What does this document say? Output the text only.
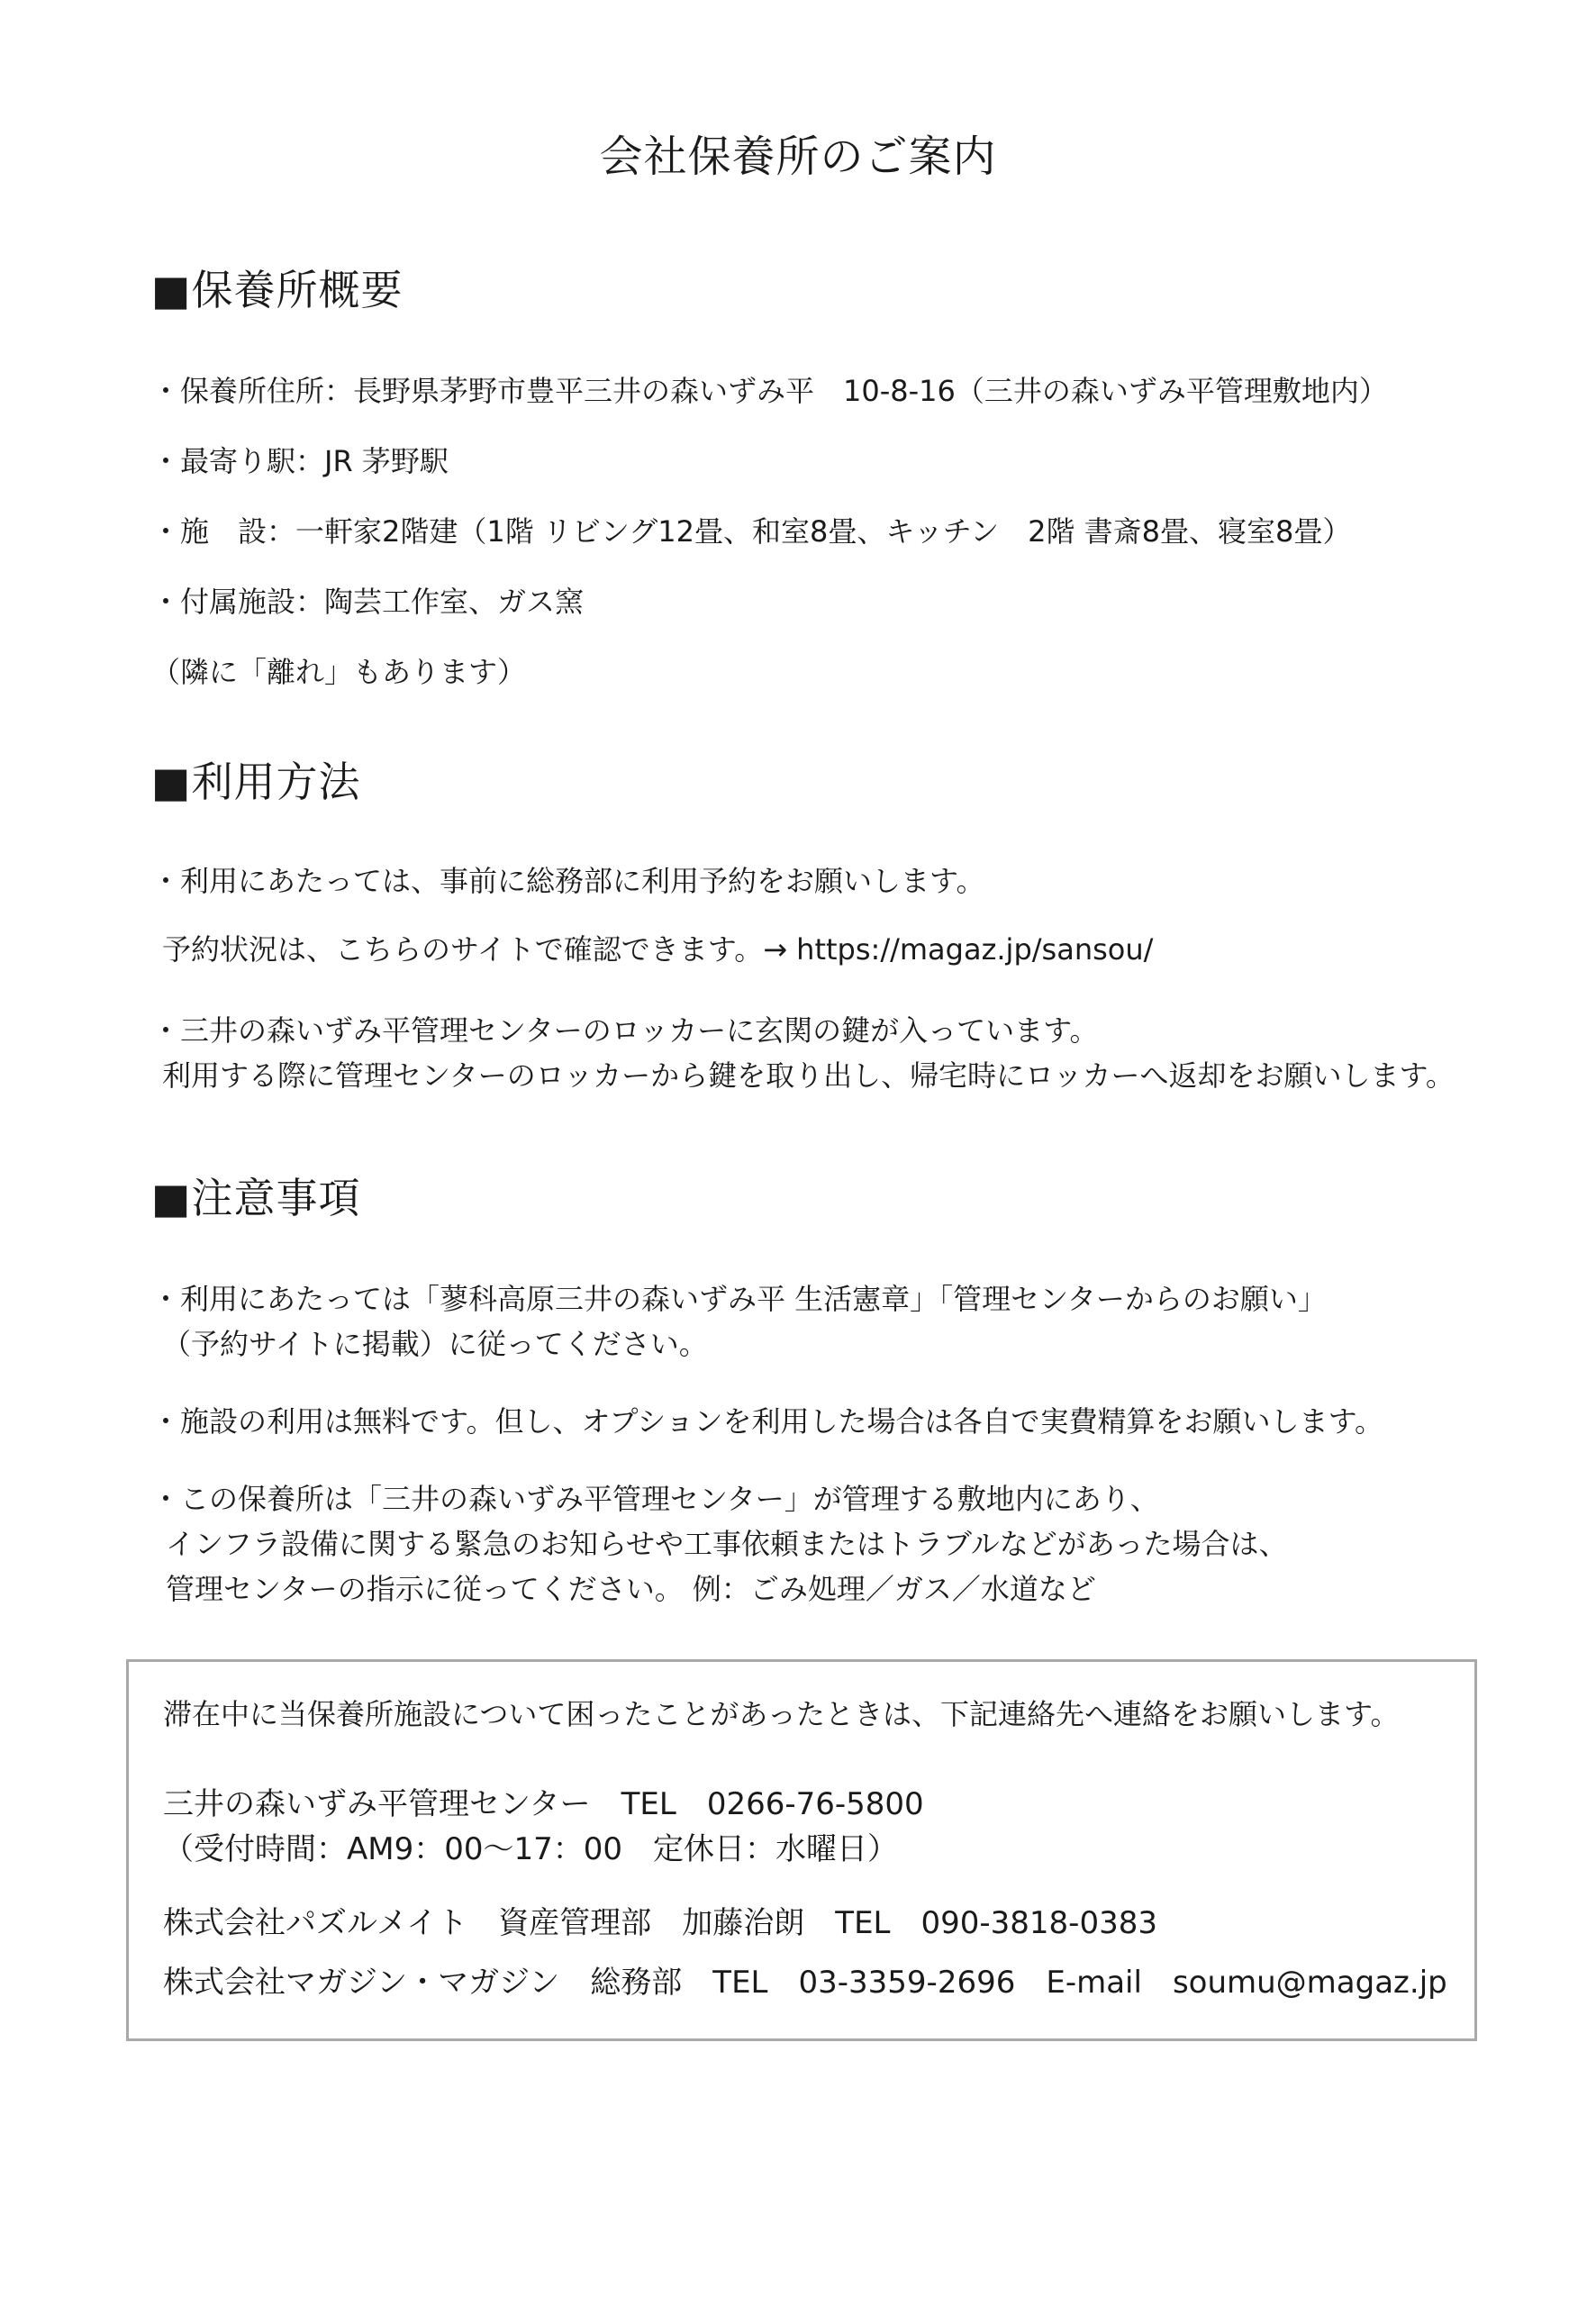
会社保養所のご案内
■保養所概要
・保養所住所：長野県茅野市豊平三井の森いずみ平　10-8-16（三井の森いずみ平管理敷地内）
・最寄り駅：JR 茅野駅
・施　設：一軒家2階建（1階 リビング12畳、和室8畳、キッチン　2階 書斎8畳、寝室8畳）
・付属施設：陶芸工作室、ガス窯
（隣に「離れ」もあります）
■利用方法
・利用にあたっては、事前に総務部に利用予約をお願いします。
予約状況は、こちらのサイトで確認できます。→ https://magaz.jp/sansou/
・三井の森いずみ平管理センターのロッカーに玄関の鍵が入っています。
利用する際に管理センターのロッカーから鍵を取り出し、帰宅時にロッカーへ返却をお願いします。
■注意事項
・利用にあたっては「蓼科高原三井の森いずみ平 生活憲章」「管理センターからのお願い」
（予約サイトに掲載）に従ってください。
・施設の利用は無料です。但し、オプションを利用した場合は各自で実費精算をお願いします。
・この保養所は「三井の森いずみ平管理センター」が管理する敷地内にあり、
インフラ設備に関する緊急のお知らせや工事依頼またはトラブルなどがあった場合は、
管理センターの指示に従ってください。 例：ごみ処理／ガス／水道など
滞在中に当保養所施設について困ったことがあったときは、下記連絡先へ連絡をお願いします。
三井の森いずみ平管理センター　TEL　0266-76-5800
（受付時間：AM9：00～17：00　定休日：水曜日）
株式会社パズルメイト　資産管理部　加藤治朗　TEL　090-3818-0383
株式会社マガジン・マガジン　総務部　TEL　03-3359-2696　E-mail　soumu@magaz.jp
